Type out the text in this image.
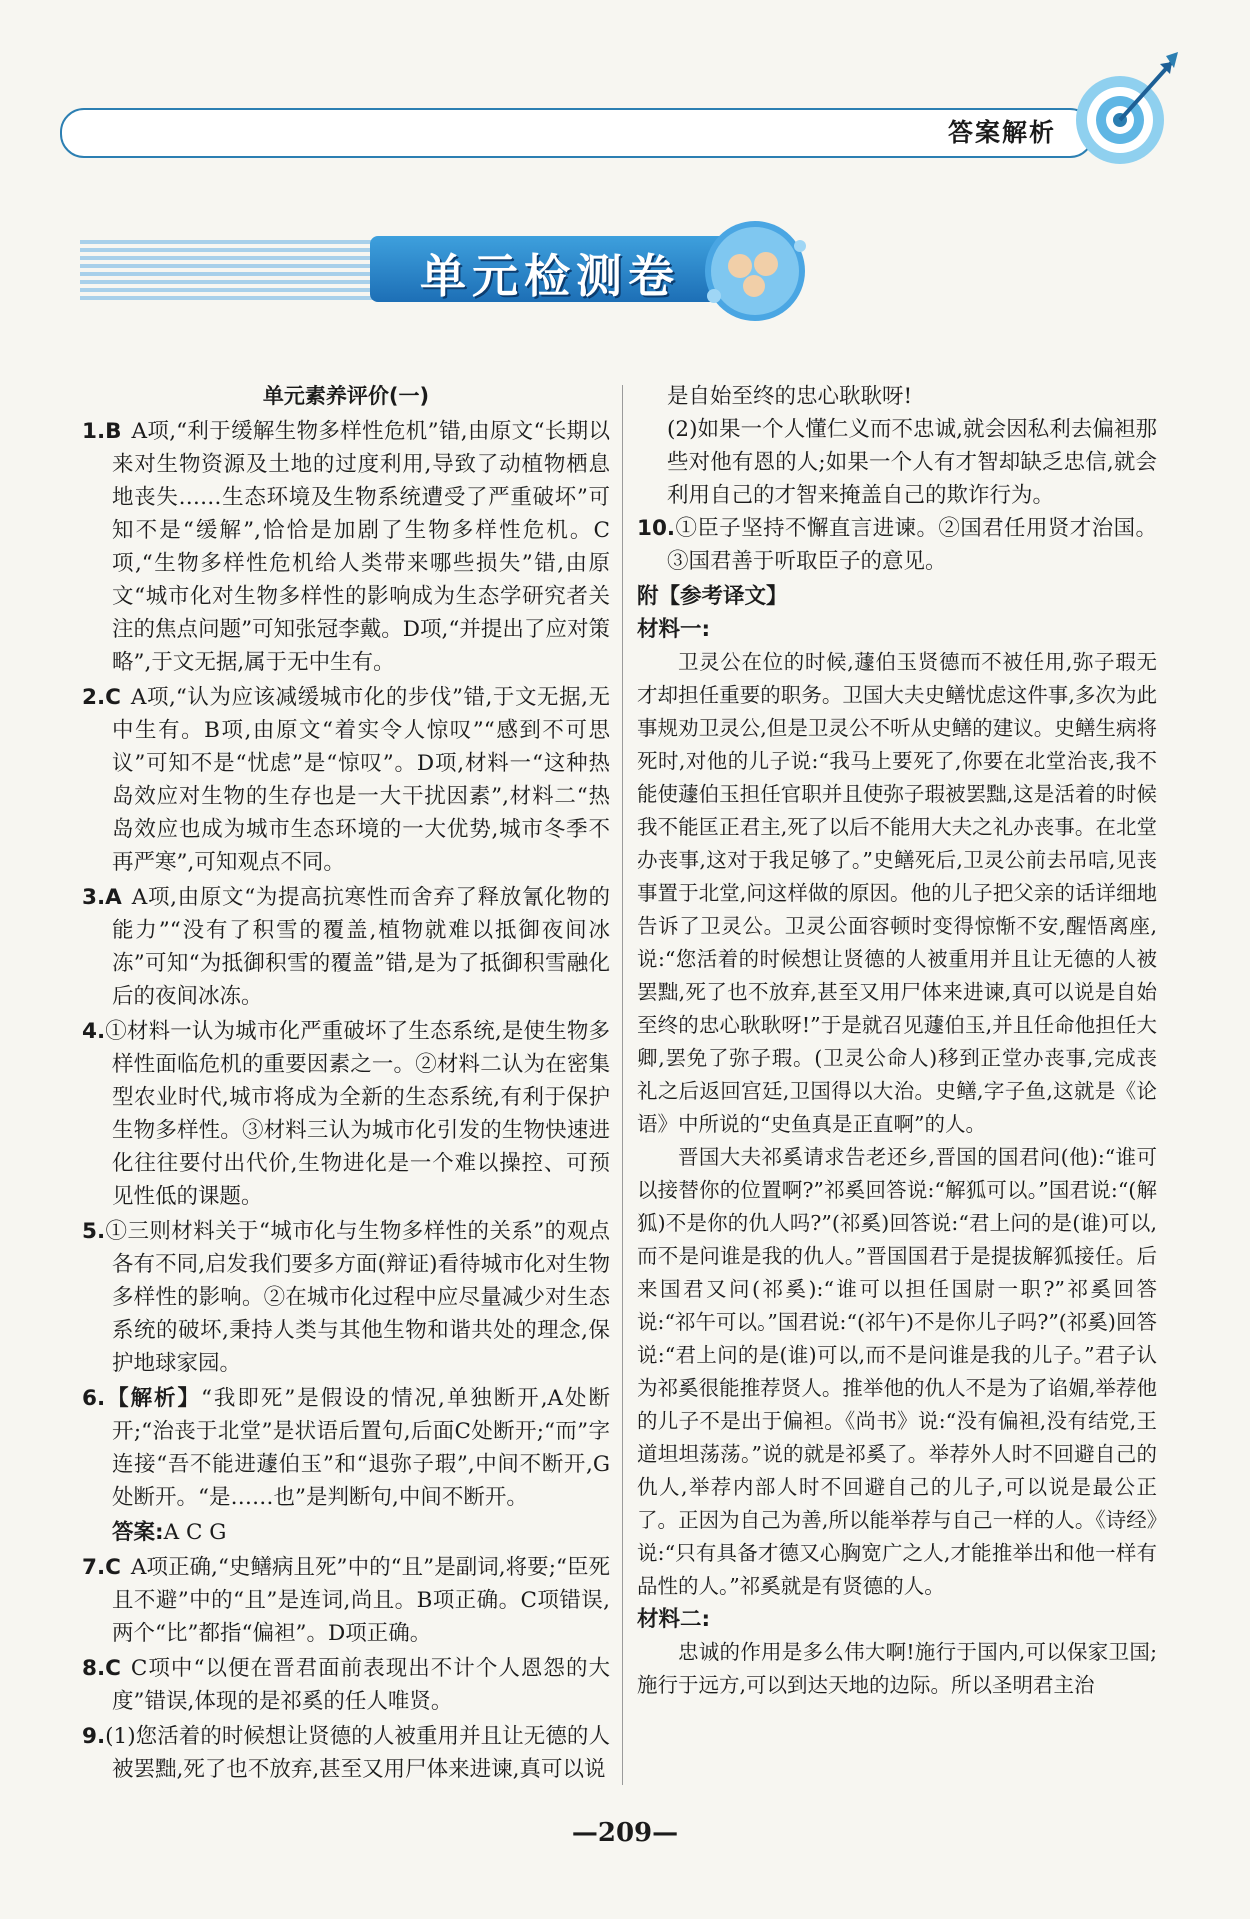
答案解析
单元检测卷
单元素养评价(一)
1.B A项,“利于缓解生物多样性危机”错,由原文“长期以来对生物资源及土地的过度利用,导致了动植物栖息地丧失……生态环境及生物系统遭受了严重破坏”可知不是“缓解”,恰恰是加剧了生物多样性危机。C项,“生物多样性危机给人类带来哪些损失”错,由原文“城市化对生物多样性的影响成为生态学研究者关注的焦点问题”可知张冠李戴。D项,“并提出了应对策略”,于文无据,属于无中生有。
2.C A项,“认为应该减缓城市化的步伐”错,于文无据,无中生有。B项,由原文“着实令人惊叹”“感到不可思议”可知不是“忧虑”是“惊叹”。D项,材料一“这种热岛效应对生物的生存也是一大干扰因素”,材料二“热岛效应也成为城市生态环境的一大优势,城市冬季不再严寒”,可知观点不同。
3.A A项,由原文“为提高抗寒性而舍弃了释放氰化物的能力”“没有了积雪的覆盖,植物就难以抵御夜间冰冻”可知“为抵御积雪的覆盖”错,是为了抵御积雪融化后的夜间冰冻。
4.①材料一认为城市化严重破坏了生态系统,是使生物多样性面临危机的重要因素之一。②材料二认为在密集型农业时代,城市将成为全新的生态系统,有利于保护生物多样性。③材料三认为城市化引发的生物快速进化往往要付出代价,生物进化是一个难以操控、可预见性低的课题。
5.①三则材料关于“城市化与生物多样性的关系”的观点各有不同,启发我们要多方面(辩证)看待城市化对生物多样性的影响。②在城市化过程中应尽量减少对生态系统的破坏,秉持人类与其他生物和谐共处的理念,保护地球家园。
6.【解析】“我即死”是假设的情况,单独断开,A处断开;“治丧于北堂”是状语后置句,后面C处断开;“而”字连接“吾不能进蘧伯玉”和“退弥子瑕”,中间不断开,G处断开。“是……也”是判断句,中间不断开。
答案:A C G
7.C A项正确,“史鳝病且死”中的“且”是副词,将要;“臣死且不避”中的“且”是连词,尚且。B项正确。C项错误,两个“比”都指“偏袒”。D项正确。
8.C C项中“以便在晋君面前表现出不计个人恩怨的大度”错误,体现的是祁奚的任人唯贤。
9.(1)您活着的时候想让贤德的人被重用并且让无德的人被罢黜,死了也不放弃,甚至又用尸体来进谏,真可以说

是自始至终的忠心耿耿呀!

(2)如果一个人懂仁义而不忠诚,就会因私利去偏袒那些对他有恩的人;如果一个人有才智却缺乏忠信,就会利用自己的才智来掩盖自己的欺诈行为。

10.①臣子坚持不懈直言进谏。②国君任用贤才治国。③国君善于听取臣子的意见。
附【参考译文】
材料一:

卫灵公在位的时候,蘧伯玉贤德而不被任用,弥子瑕无才却担任重要的职务。卫国大夫史鳝忧虑这件事,多次为此事规劝卫灵公,但是卫灵公不听从史鳝的建议。史鳝生病将死时,对他的儿子说:“我马上要死了,你要在北堂治丧,我不能使蘧伯玉担任官职并且使弥子瑕被罢黜,这是活着的时候我不能匡正君主,死了以后不能用大夫之礼办丧事。在北堂办丧事,这对于我足够了。”史鳝死后,卫灵公前去吊唁,见丧事置于北堂,问这样做的原因。他的儿子把父亲的话详细地告诉了卫灵公。卫灵公面容顿时变得惊惭不安,醒悟离座,说:“您活着的时候想让贤德的人被重用并且让无德的人被罢黜,死了也不放弃,甚至又用尸体来进谏,真可以说是自始至终的忠心耿耿呀!”于是就召见蘧伯玉,并且任命他担任大卿,罢免了弥子瑕。(卫灵公命人)移到正堂办丧事,完成丧礼之后返回宫廷,卫国得以大治。史鳝,字子鱼,这就是《论语》中所说的“史鱼真是正直啊”的人。

晋国大夫祁奚请求告老还乡,晋国的国君问(他):“谁可以接替你的位置啊?”祁奚回答说:“解狐可以。”国君说:“(解狐)不是你的仇人吗?”(祁奚)回答说:“君上问的是(谁)可以,而不是问谁是我的仇人。”晋国国君于是提拔解狐接任。后来国君又问(祁奚):“谁可以担任国尉一职?”祁奚回答说:“祁午可以。”国君说:“(祁午)不是你儿子吗?”(祁奚)回答说:“君上问的是(谁)可以,而不是问谁是我的儿子。”君子认为祁奚很能推荐贤人。推举他的仇人不是为了谄媚,举荐他的儿子不是出于偏袒。《尚书》说:“没有偏袒,没有结党,王道坦坦荡荡。”说的就是祁奚了。举荐外人时不回避自己的仇人,举荐内部人时不回避自己的儿子,可以说是最公正了。正因为自己为善,所以能举荐与自己一样的人。《诗经》说:“只有具备才德又心胸宽广之人,才能推举出和他一样有品性的人。”祁奚就是有贤德的人。

材料二:

忠诚的作用是多么伟大啊!施行于国内,可以保家卫国;施行于远方,可以到达天地的边际。所以圣明君主治

—209—
